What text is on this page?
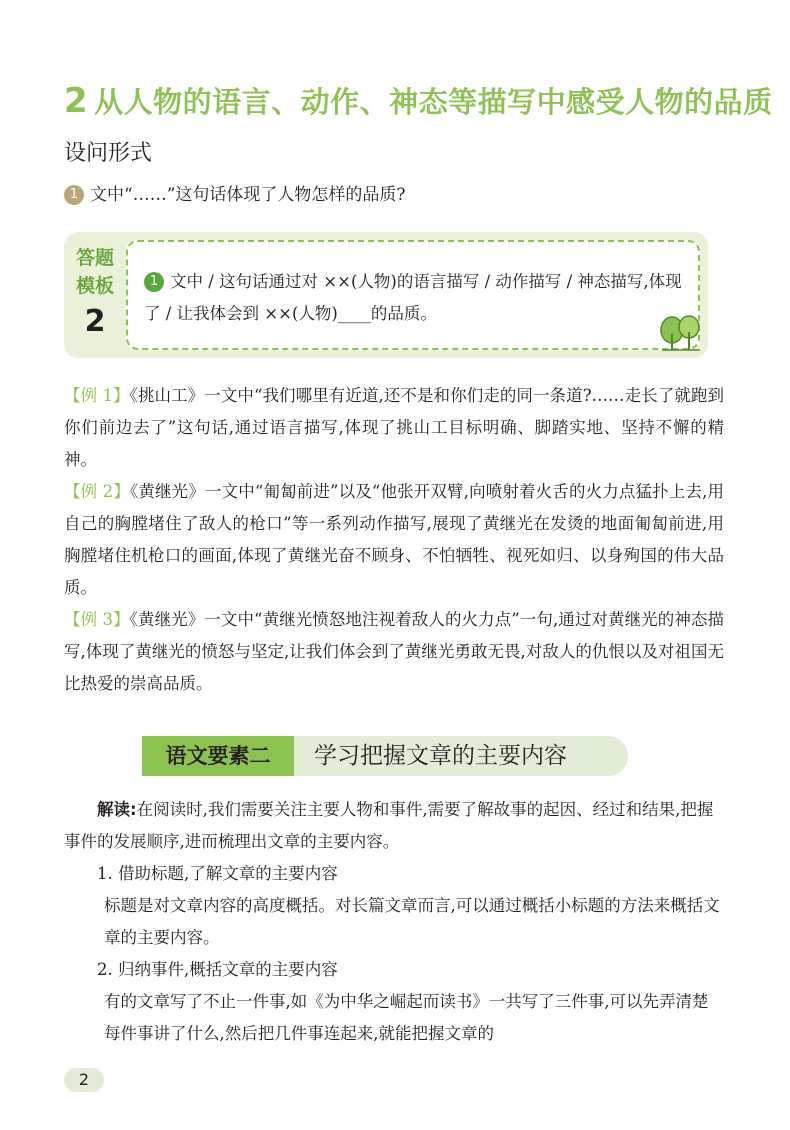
2 从人物的语言、动作、神态等描写中感受人物的品质
设问形式
1 文中“……”这句话体现了人物怎样的品质?
答题
模板
2
1 文中 / 这句话通过对 ××(人物)的语言描写 / 动作描写 / 神态描写,体现了 / 让我体会到 ××(人物)____的品质。

【例 1】《挑山工》一文中“我们哪里有近道,还不是和你们走的同一条道?……走长了就跑到你们前边去了”这句话,通过语言描写,体现了挑山工目标明确、脚踏实地、坚持不懈的精神。

【例 2】《黄继光》一文中“匍匐前进”以及“他张开双臂,向喷射着火舌的火力点猛扑上去,用自己的胸膛堵住了敌人的枪口”等一系列动作描写,展现了黄继光在发烫的地面匍匐前进,用胸膛堵住机枪口的画面,体现了黄继光奋不顾身、不怕牺牲、视死如归、以身殉国的伟大品质。

【例 3】《黄继光》一文中“黄继光愤怒地注视着敌人的火力点”一句,通过对黄继光的神态描写,体现了黄继光的愤怒与坚定,让我们体会到了黄继光勇敢无畏,对敌人的仇恨以及对祖国无比热爱的崇高品质。

语文要素二	学习把握文章的主要内容

解读:在阅读时,我们需要关注主要人物和事件,需要了解故事的起因、经过和结果,把握事件的发展顺序,进而梳理出文章的主要内容。

1. 借助标题,了解文章的主要内容

标题是对文章内容的高度概括。对长篇文章而言,可以通过概括小标题的方法来概括文章的主要内容。

2. 归纳事件,概括文章的主要内容

有的文章写了不止一件事,如《为中华之崛起而读书》一共写了三件事,可以先弄清楚每件事讲了什么,然后把几件事连起来,就能把握文章的

2
